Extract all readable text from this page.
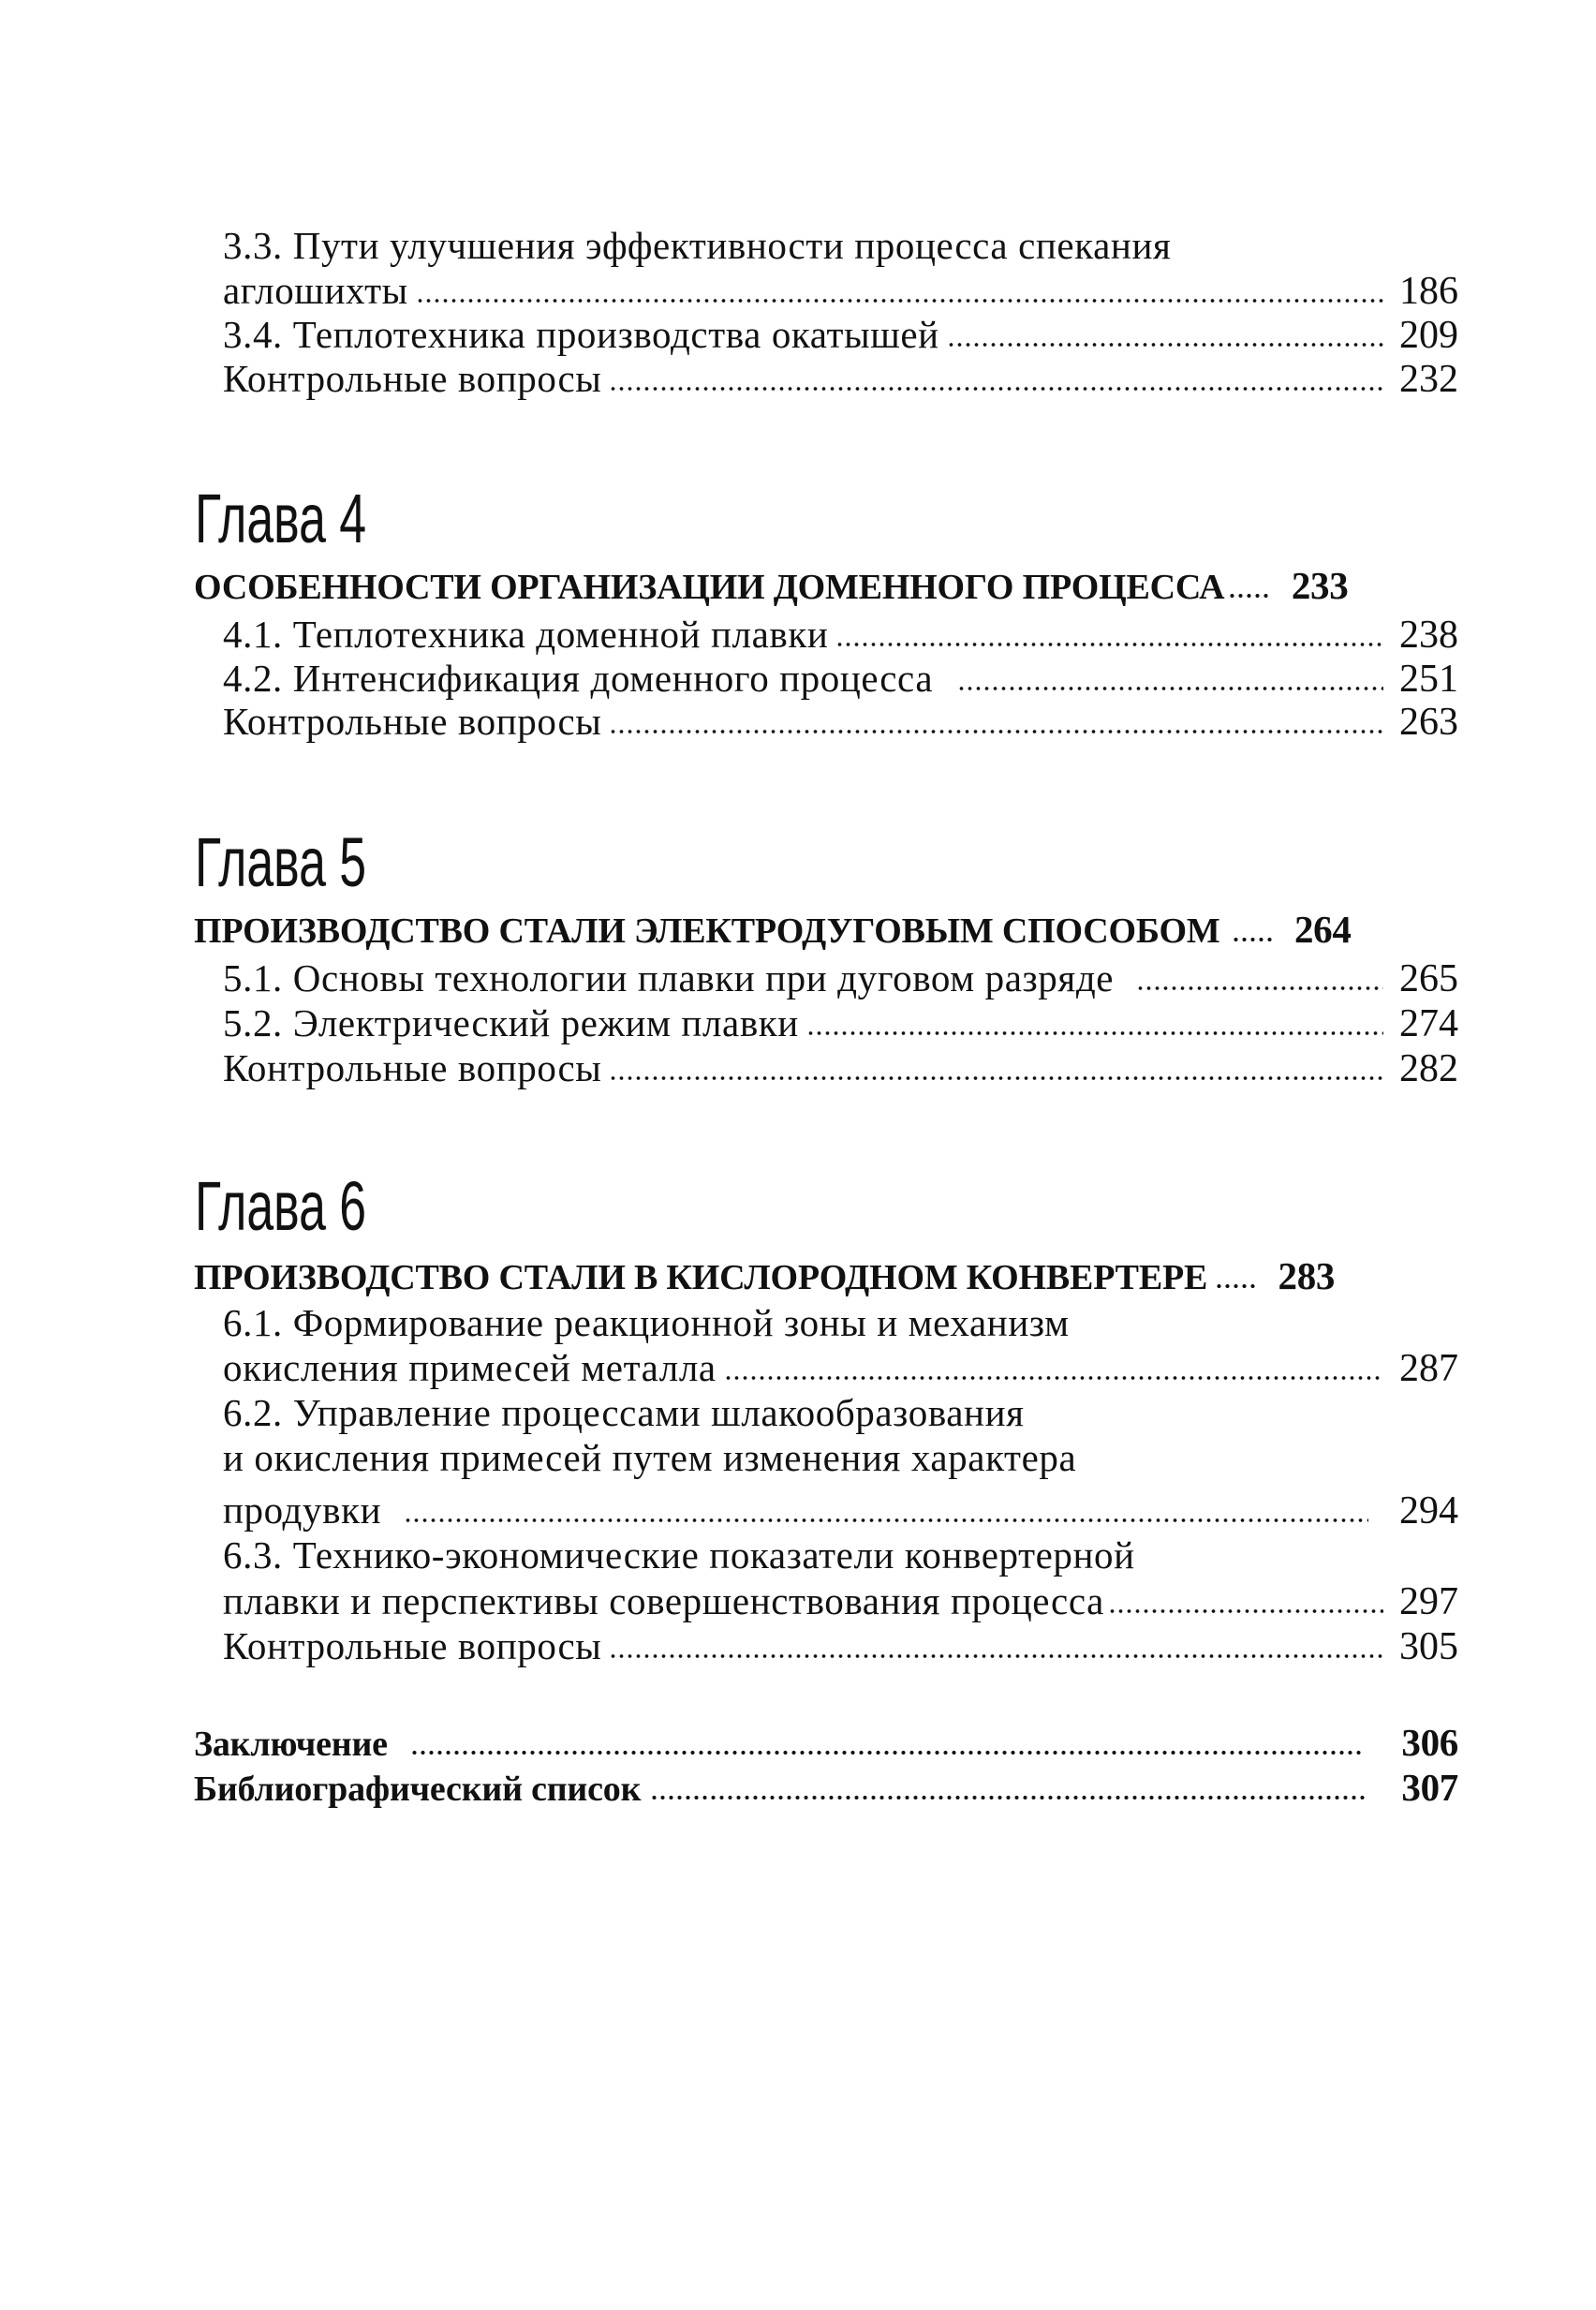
3.3. Пути улучшения эффективности процесса спекания
аглошихты	186
3.4. Теплотехника производства окатышей	209
Контрольные вопросы	232
Глава 4
ОСОБЕННОСТИ ОРГАНИЗАЦИИ ДОМЕННОГО ПРОЦЕССА 233
4.1. Теплотехника доменной плавки	238
4.2. Интенсификация доменного процесса	251
Контрольные вопросы	263
Глава 5
ПРОИЗВОДСТВО СТАЛИ ЭЛЕКТРОДУГОВЫМ СПОСОБОМ 264
5.1. Основы технологии плавки при дуговом разряде	265
5.2. Электрический режим плавки	274
Контрольные вопросы	282
Глава 6
ПРОИЗВОДСТВО СТАЛИ В КИСЛОРОДНОМ КОНВЕРТЕРЕ 283
6.1. Формирование реакционной зоны и механизм
окисления примесей металла	287
6.2. Управление процессами шлакообразования
и окисления примесей путем изменения характера
продувки	294
6.3. Технико-экономические показатели конвертерной
плавки и перспективы совершенствования процесса	297
Контрольные вопросы	305
Заключение	306
Библиографический список	307
